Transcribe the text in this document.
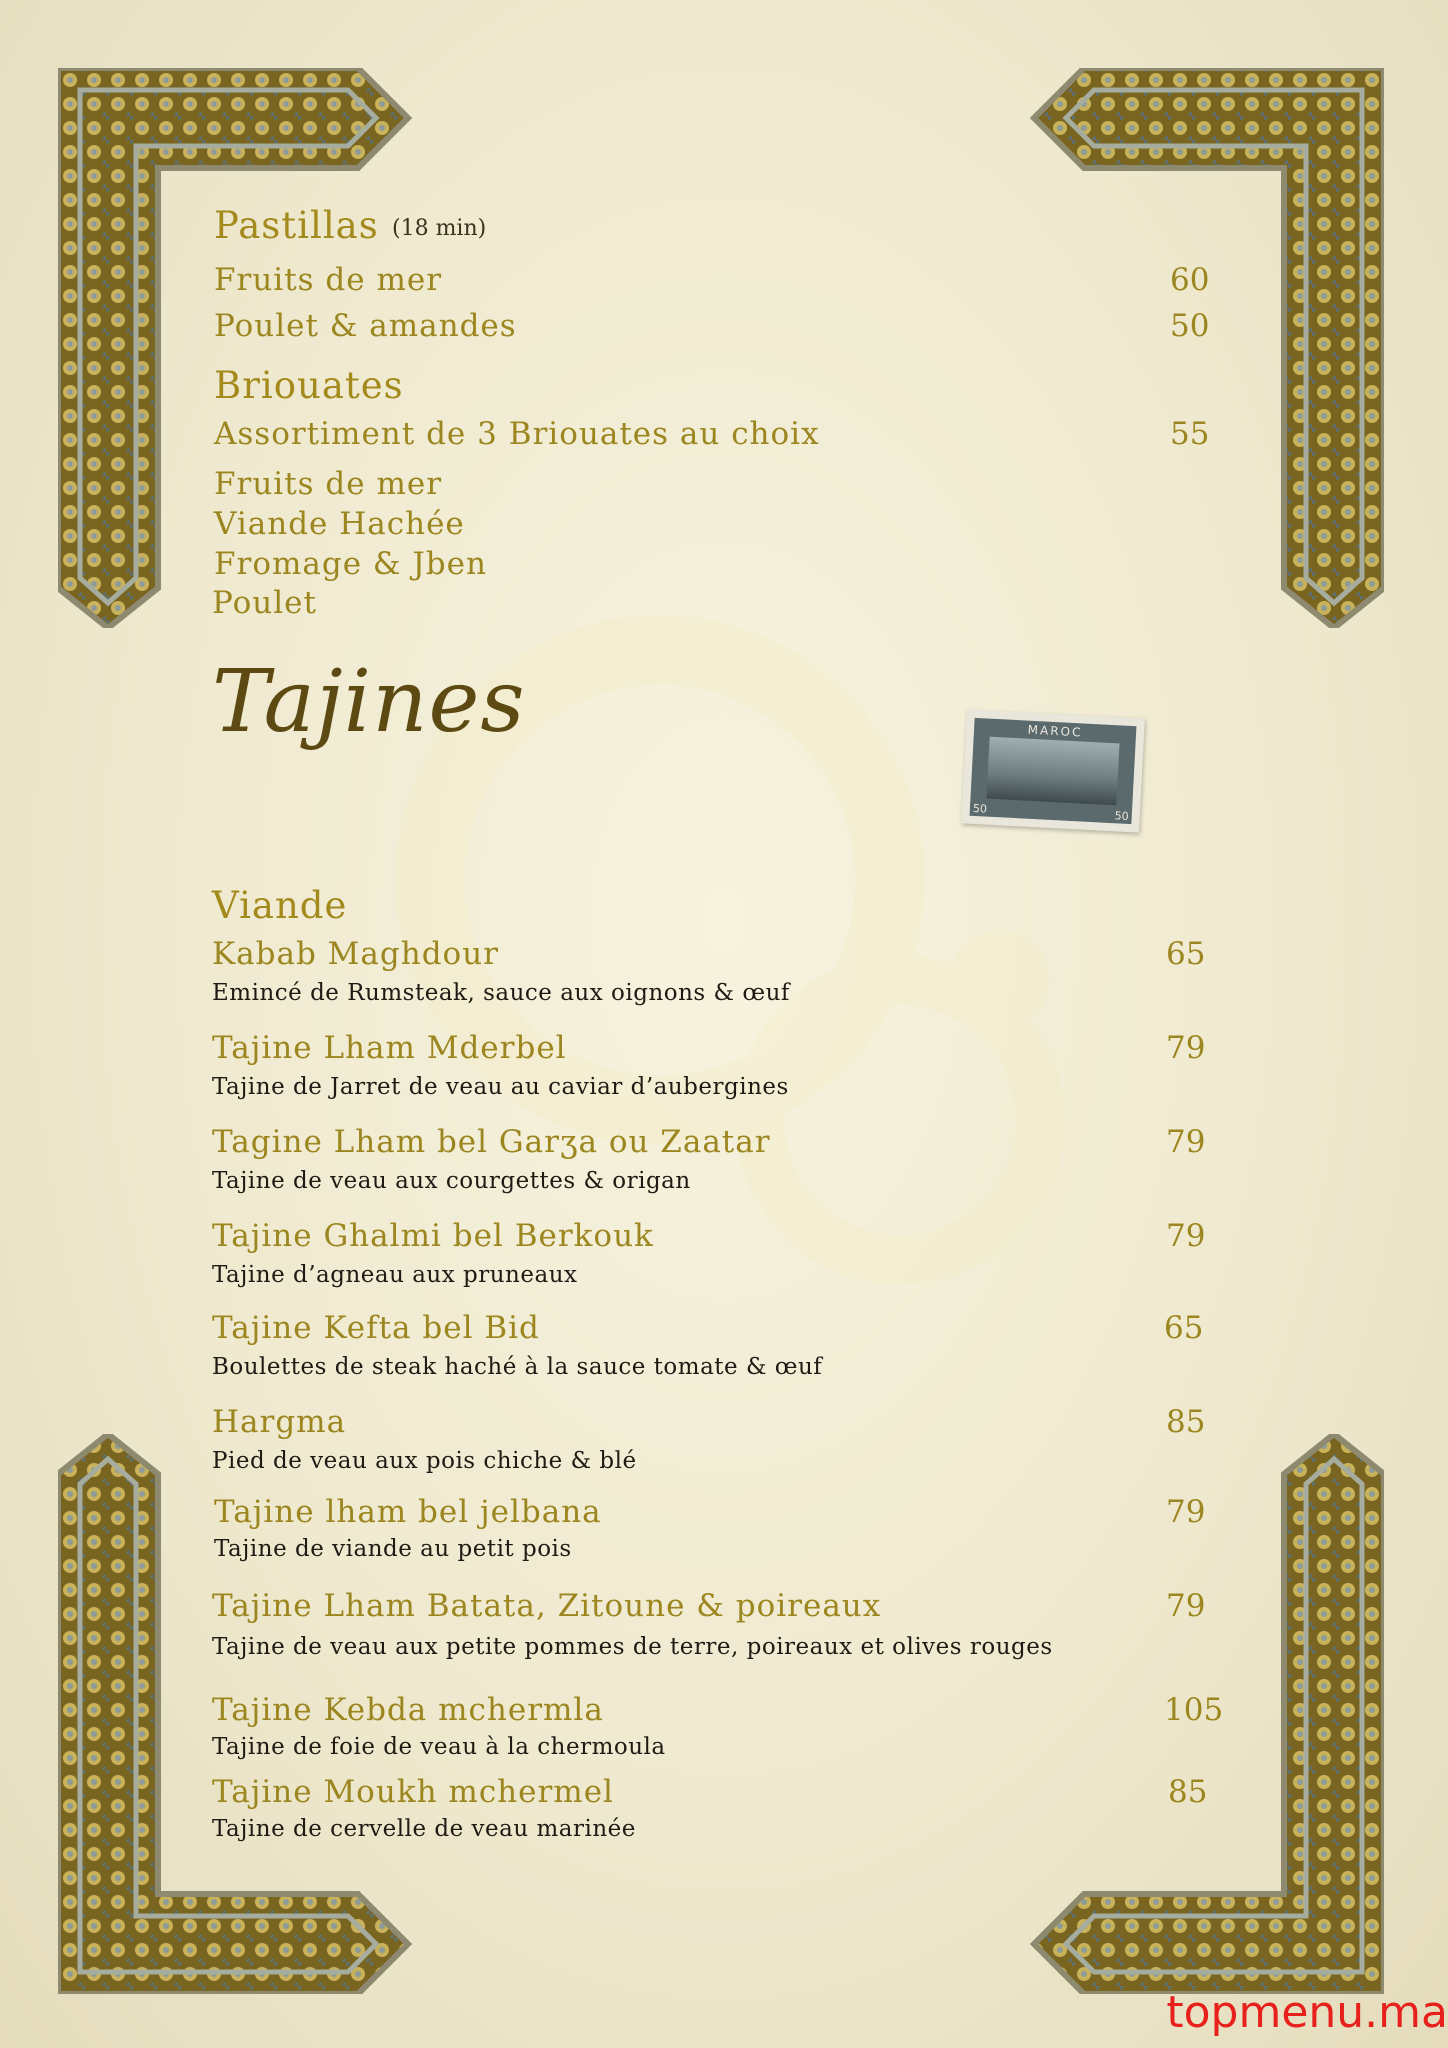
Pastillas (18 min)
Fruits de mer	60
Poulet & amandes	50
Briouates
Assortiment de 3 Briouates au choix	55
Fruits de mer
Viande Hachée
Fromage & Jben
Poulet
Tajines	MAROC
50
50
Viande
Kabab Maghdour	65
Emincé de Rumsteak, sauce aux oignons & œuf
Tajine Lham Mderbel	79
Tajine de Jarret de veau au caviar d’aubergines
Tagine Lham bel Garʒa ou Zaatar	79
Tajine de veau aux courgettes & origan
Tajine Ghalmi bel Berkouk	79
Tajine d’agneau aux pruneaux
Tajine Kefta bel Bid	65
Boulettes de steak haché à la sauce tomate & œuf
Hargma	85
Pied de veau aux pois chiche & blé
Tajine lham bel jelbana	79
Tajine de viande au petit pois
Tajine Lham Batata, Zitoune & poireaux	79
Tajine de veau aux petite pommes de terre, poireaux et olives rouges
Tajine Kebda mchermla	105
Tajine de foie de veau à la chermoula
Tajine Moukh mchermel	85
Tajine de cervelle de veau marinée
topmenu.ma
